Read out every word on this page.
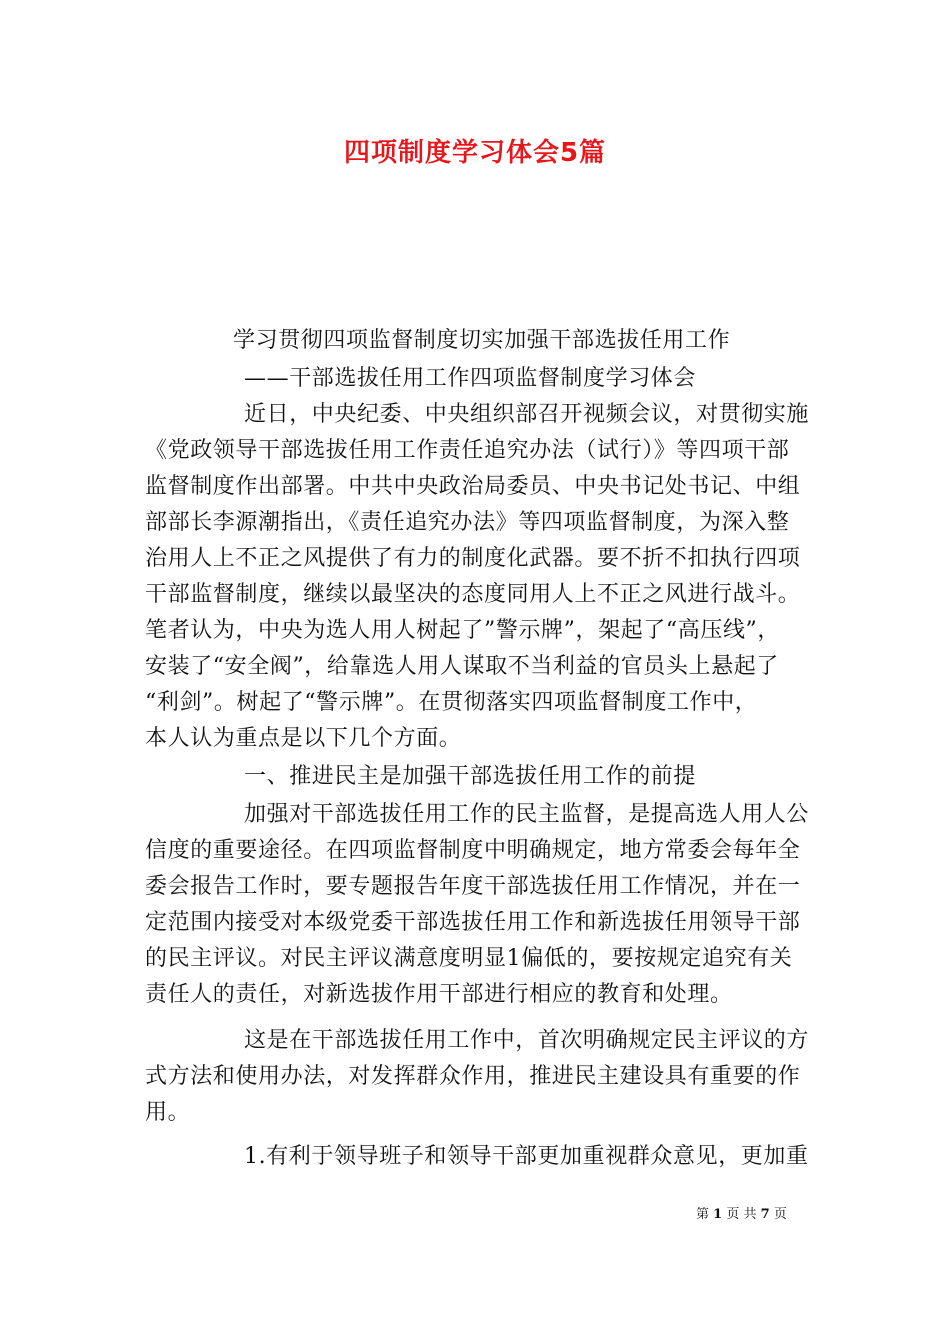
四项制度学习体会5篇
学习贯彻四项监督制度切实加强干部选拔任用工作
——干部选拔任用工作四项监督制度学习体会
近日，中央纪委、中央组织部召开视频会议，对贯彻实施
《党政领导干部选拔任用工作责任追究办法（试行）》等四项干部
监督制度作出部署。中共中央政治局委员、中央书记处书记、中组
部部长李源潮指出，《责任追究办法》等四项监督制度，为深入整
治用人上不正之风提供了有力的制度化武器。要不折不扣执行四项
干部监督制度，继续以最坚决的态度同用人上不正之风进行战斗。
笔者认为，中央为选人用人树起了”警示牌”，架起了“高压线”，
安装了“安全阀”，给靠选人用人谋取不当利益的官员头上悬起了
“利剑”。树起了“警示牌”。在贯彻落实四项监督制度工作中，
本人认为重点是以下几个方面。
一、推进民主是加强干部选拔任用工作的前提
加强对干部选拔任用工作的民主监督，是提高选人用人公
信度的重要途径。在四项监督制度中明确规定，地方常委会每年全
委会报告工作时，要专题报告年度干部选拔任用工作情况，并在一
定范围内接受对本级党委干部选拔任用工作和新选拔任用领导干部
的民主评议。对民主评议满意度明显1偏低的，要按规定追究有关
责任人的责任，对新选拔作用干部进行相应的教育和处理。
这是在干部选拔任用工作中，首次明确规定民主评议的方
式方法和使用办法，对发挥群众作用，推进民主建设具有重要的作
用。
1.有利于领导班子和领导干部更加重视群众意见，更加重
第 1 页 共 7 页
